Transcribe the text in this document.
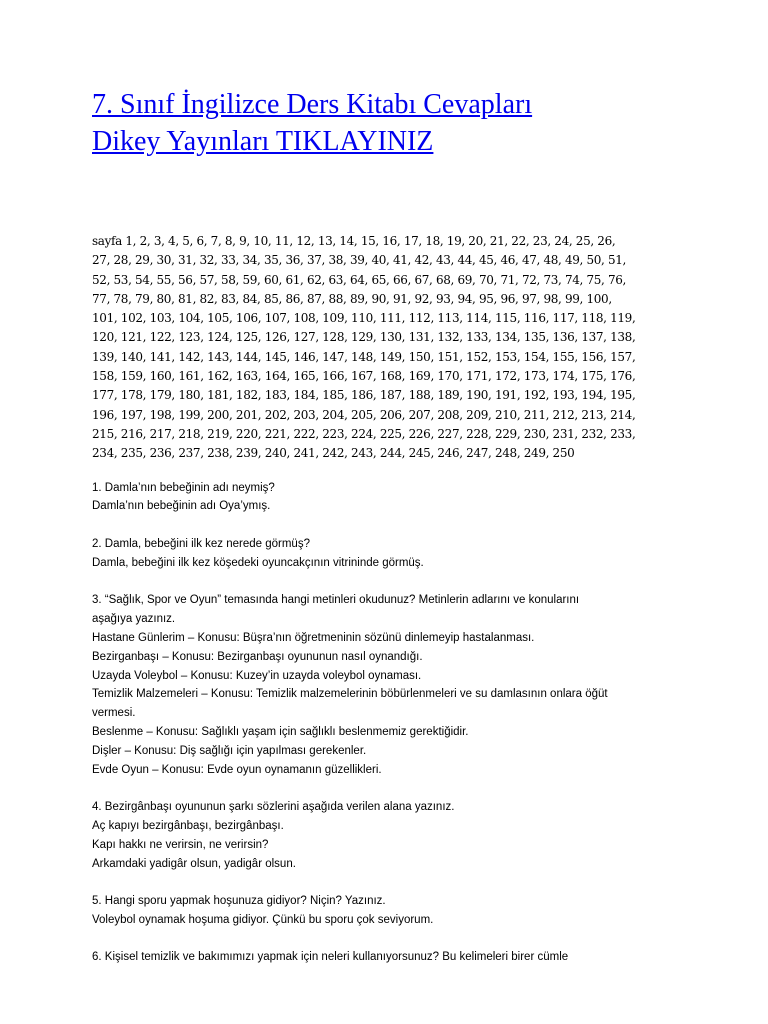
7. Sınıf İngilizce Ders Kitabı Cevapları
Dikey Yayınları TIKLAYINIZ
sayfa 1, 2, 3, 4, 5, 6, 7, 8, 9, 10, 11, 12, 13, 14, 15, 16, 17, 18, 19, 20, 21, 22, 23, 24, 25, 26,
27, 28, 29, 30, 31, 32, 33, 34, 35, 36, 37, 38, 39, 40, 41, 42, 43, 44, 45, 46, 47, 48, 49, 50, 51,
52, 53, 54, 55, 56, 57, 58, 59, 60, 61, 62, 63, 64, 65, 66, 67, 68, 69, 70, 71, 72, 73, 74, 75, 76,
77, 78, 79, 80, 81, 82, 83, 84, 85, 86, 87, 88, 89, 90, 91, 92, 93, 94, 95, 96, 97, 98, 99, 100,
101, 102, 103, 104, 105, 106, 107, 108, 109, 110, 111, 112, 113, 114, 115, 116, 117, 118, 119,
120, 121, 122, 123, 124, 125, 126, 127, 128, 129, 130, 131, 132, 133, 134, 135, 136, 137, 138,
139, 140, 141, 142, 143, 144, 145, 146, 147, 148, 149, 150, 151, 152, 153, 154, 155, 156, 157,
158, 159, 160, 161, 162, 163, 164, 165, 166, 167, 168, 169, 170, 171, 172, 173, 174, 175, 176,
177, 178, 179, 180, 181, 182, 183, 184, 185, 186, 187, 188, 189, 190, 191, 192, 193, 194, 195,
196, 197, 198, 199, 200, 201, 202, 203, 204, 205, 206, 207, 208, 209, 210, 211, 212, 213, 214,
215, 216, 217, 218, 219, 220, 221, 222, 223, 224, 225, 226, 227, 228, 229, 230, 231, 232, 233,
234, 235, 236, 237, 238, 239, 240, 241, 242, 243, 244, 245, 246, 247, 248, 249, 250
1. Damla’nın bebeğinin adı neymiş?
Damla’nın bebeğinin adı Oya’ymış.
2. Damla, bebeğini ilk kez nerede görmüş?
Damla, bebeğini ilk kez köşedeki oyuncakçının vitrininde görmüş.
3. “Sağlık, Spor ve Oyun” temasında hangi metinleri okudunuz? Metinlerin adlarını ve konularını
aşağıya yazınız.
Hastane Günlerim – Konusu: Büşra’nın öğretmeninin sözünü dinlemeyip hastalanması.
Bezirganbaşı – Konusu: Bezirganbaşı oyununun nasıl oynandığı.
Uzayda Voleybol – Konusu: Kuzey’in uzayda voleybol oynaması.
Temizlik Malzemeleri – Konusu: Temizlik malzemelerinin böbürlenmeleri ve su damlasının onlara öğüt
vermesi.
Beslenme – Konusu: Sağlıklı yaşam için sağlıklı beslenmemiz gerektiğidir.
Dişler – Konusu: Diş sağlığı için yapılması gerekenler.
Evde Oyun – Konusu: Evde oyun oynamanın güzellikleri.
4. Bezirgânbaşı oyununun şarkı sözlerini aşağıda verilen alana yazınız.
Aç kapıyı bezirgânbaşı, bezirgânbaşı.
Kapı hakkı ne verirsin, ne verirsin?
Arkamdaki yadigâr olsun, yadigâr olsun.
5. Hangi sporu yapmak hoşunuza gidiyor? Niçin? Yazınız.
Voleybol oynamak hoşuma gidiyor. Çünkü bu sporu çok seviyorum.
6. Kişisel temizlik ve bakımımızı yapmak için neleri kullanıyorsunuz? Bu kelimeleri birer cümle
